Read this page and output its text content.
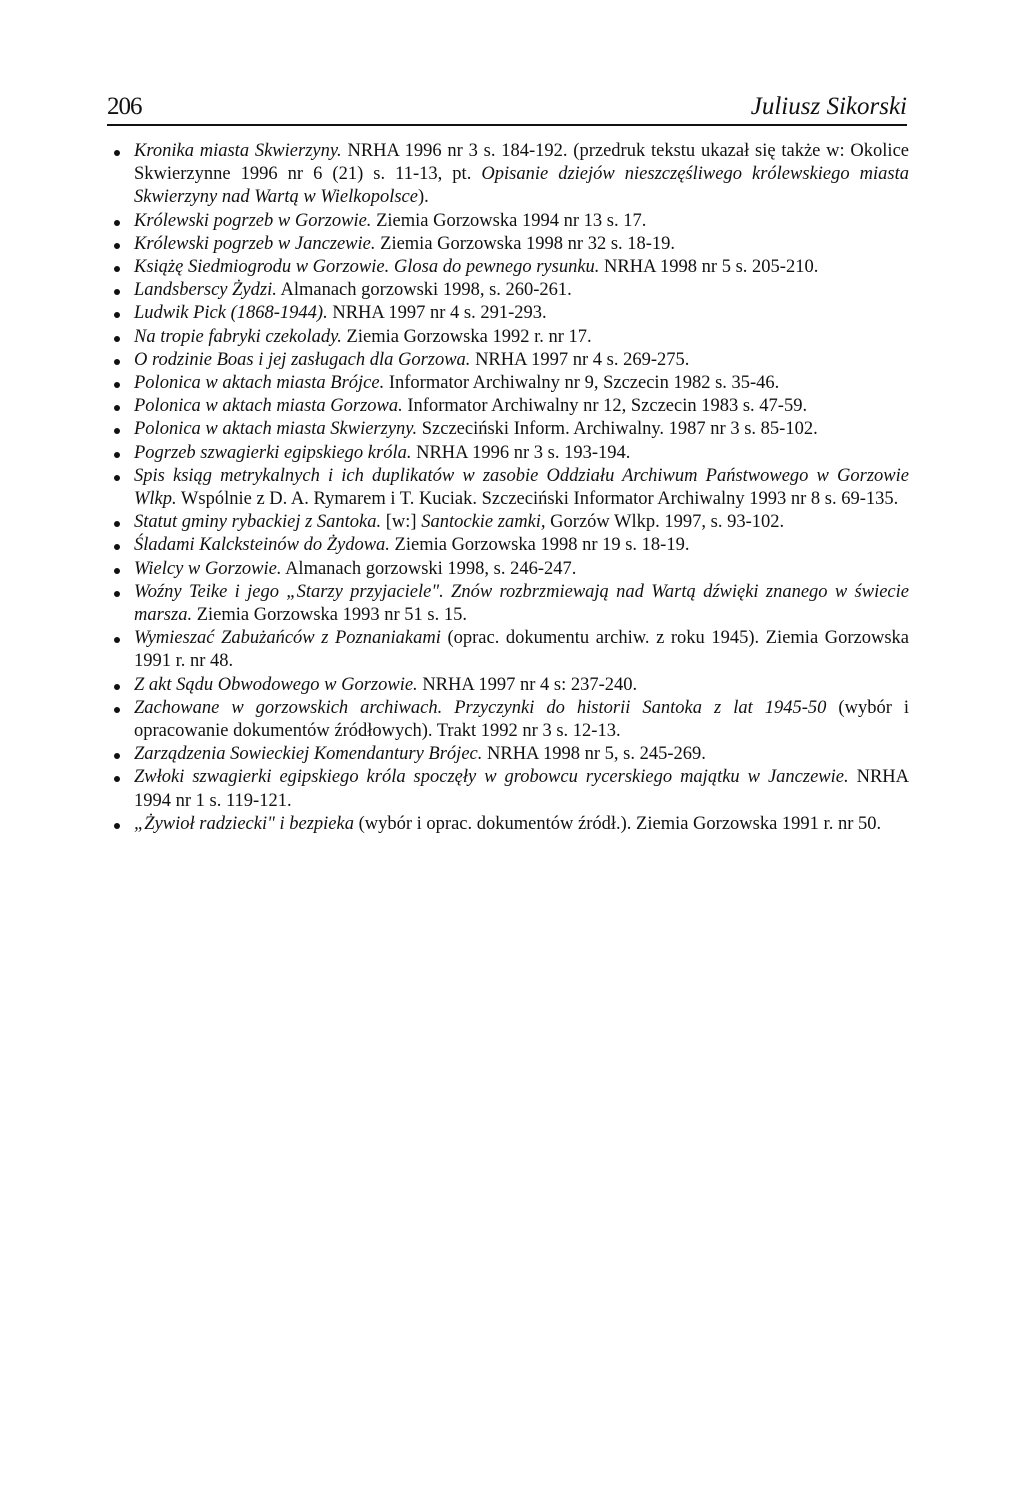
206	Juliusz Sikorski
Kronika miasta Skwierzyny. NRHA 1996 nr 3 s. 184-192. (przedruk tekstu ukazał się także w: Okolice Skwierzynne 1996 nr 6 (21) s. 11-13, pt. Opisanie dziejów nieszczęśliwego królewskiego miasta Skwierzyny nad Wartą w Wielkopolsce).
Królewski pogrzeb w Gorzowie. Ziemia Gorzowska 1994 nr 13 s. 17.
Królewski pogrzeb w Janczewie. Ziemia Gorzowska 1998 nr 32 s. 18-19.
Książę Siedmiogrodu w Gorzowie. Glosa do pewnego rysunku. NRHA 1998 nr 5 s. 205-210.
Landsberscy Żydzi. Almanach gorzowski 1998, s. 260-261.
Ludwik Pick (1868-1944). NRHA 1997 nr 4 s. 291-293.
Na tropie fabryki czekolady. Ziemia Gorzowska 1992 r. nr 17.
O rodzinie Boas i jej zasługach dla Gorzowa. NRHA 1997 nr 4 s. 269-275.
Polonica w aktach miasta Brójce. Informator Archiwalny nr 9, Szczecin 1982 s. 35-46.
Polonica w aktach miasta Gorzowa. Informator Archiwalny nr 12, Szczecin 1983 s. 47-59.
Polonica w aktach miasta Skwierzyny. Szczeciński Inform. Archiwalny. 1987 nr 3 s. 85-102.
Pogrzeb szwagierki egipskiego króla. NRHA 1996 nr 3 s. 193-194.
Spis ksiąg metrykalnych i ich duplikatów w zasobie Oddziału Archiwum Państwowego w Gorzowie Wlkp. Wspólnie z D. A. Rymarem i T. Kuciak. Szczeciński Informator Archiwalny 1993 nr 8 s. 69-135.
Statut gminy rybackiej z Santoka. [w:] Santockie zamki, Gorzów Wlkp. 1997, s. 93-102.
Śladami Kalcksteinów do Żydowa. Ziemia Gorzowska 1998 nr 19 s. 18-19.
Wielcy w Gorzowie. Almanach gorzowski 1998, s. 246-247.
Woźny Teike i jego „Starzy przyjaciele". Znów rozbrzmiewają nad Wartą dźwięki znanego w świecie marsza. Ziemia Gorzowska 1993 nr 51 s. 15.
Wymieszać Zabużańców z Poznaniakami (oprac. dokumentu archiw. z roku 1945). Ziemia Gorzowska 1991 r. nr 48.
Z akt Sądu Obwodowego w Gorzowie. NRHA 1997 nr 4 s: 237-240.
Zachowane w gorzowskich archiwach. Przyczynki do historii Santoka z lat 1945-50 (wybór i opracowanie dokumentów źródłowych). Trakt 1992 nr 3 s. 12-13.
Zarządzenia Sowieckiej Komendantury Brójec. NRHA 1998 nr 5, s. 245-269.
Zwłoki szwagierki egipskiego króla spoczęły w grobowcu rycerskiego majątku w Janczewie. NRHA 1994 nr 1 s. 119-121.
„Żywioł radziecki" i bezpieka (wybór i oprac. dokumentów źródł.). Ziemia Gorzowska 1991 r. nr 50.
